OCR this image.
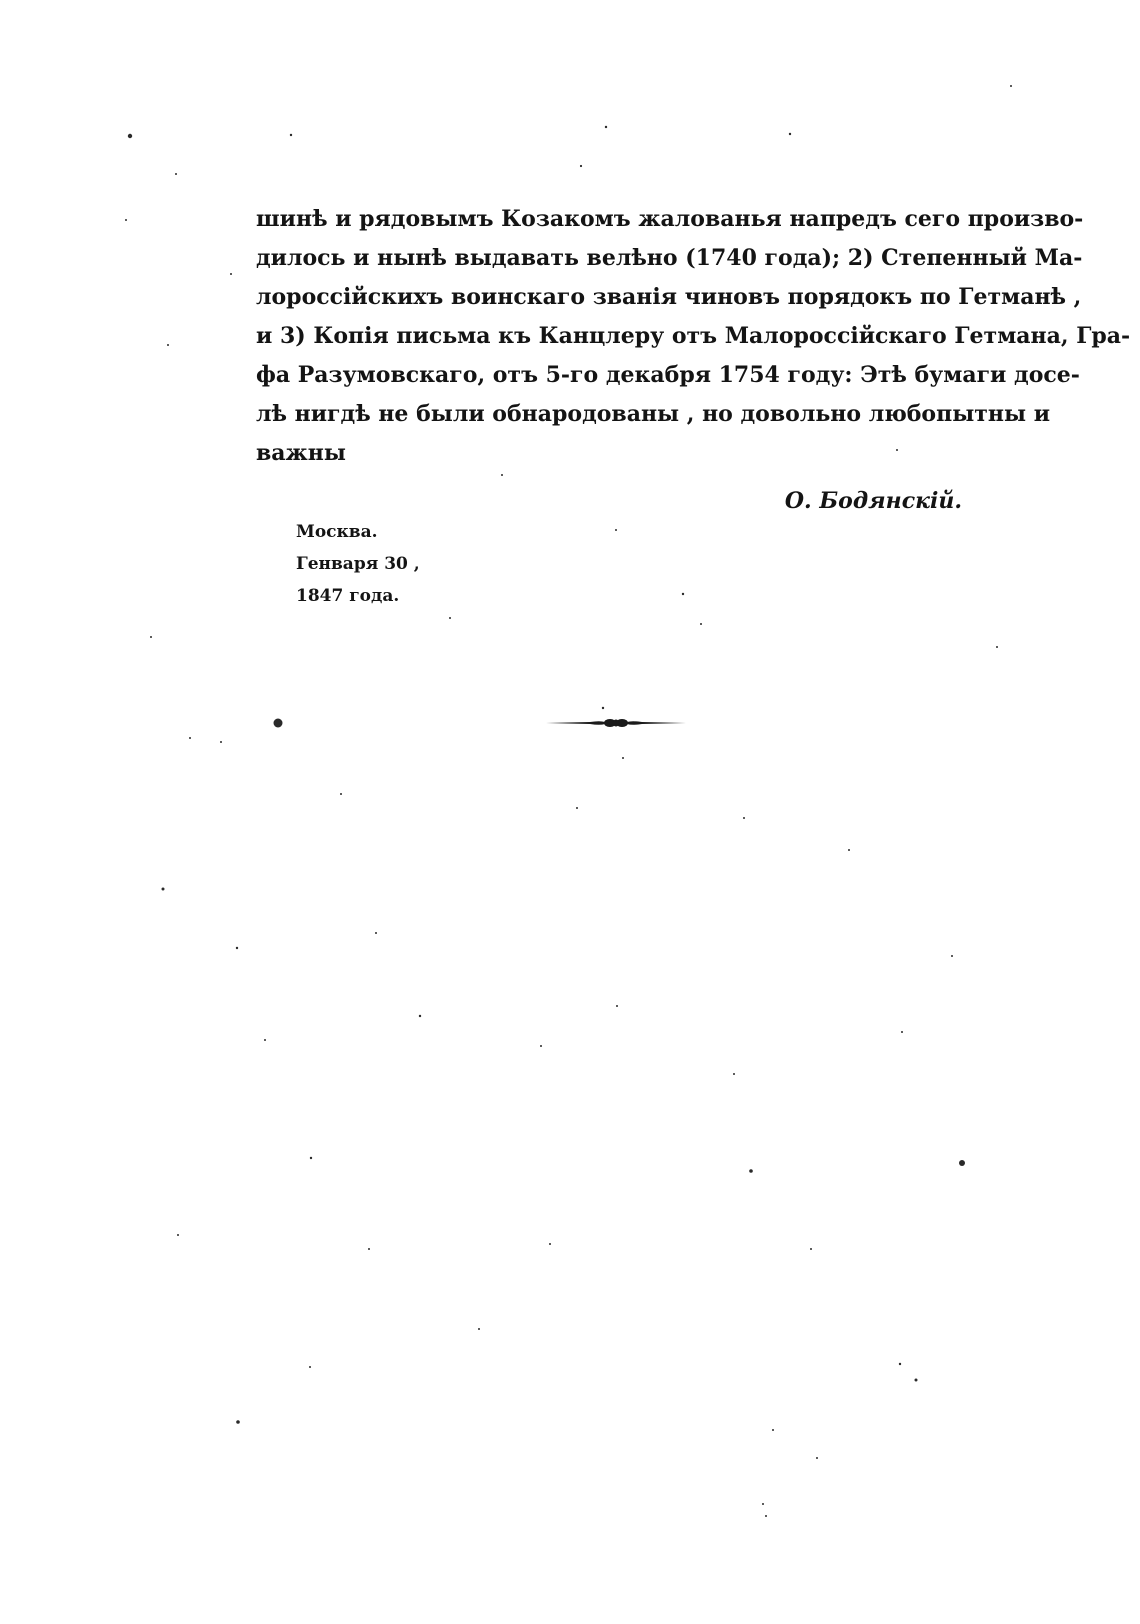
шинѣ и рядовымъ Козакомъ жалованья напредъ сего произво-
дилось и нынѣ выдавать велѣно (1740 года); 2) Степенный Ма-
лороссійскихъ воинскаго званія чиновъ порядокъ по Гетманѣ ,
и 3) Копія письма къ Канцлеру отъ Малороссійскаго Гетмана, Гра-
фа Разумовскаго, отъ 5-го декабря 1754 году: Этѣ бумаги досе-
лѣ нигдѣ не были обнародованы , но довольно любопытны и
важны
О. Бодянскій.
Москва.
Генваря 30 ,
1847 года.
